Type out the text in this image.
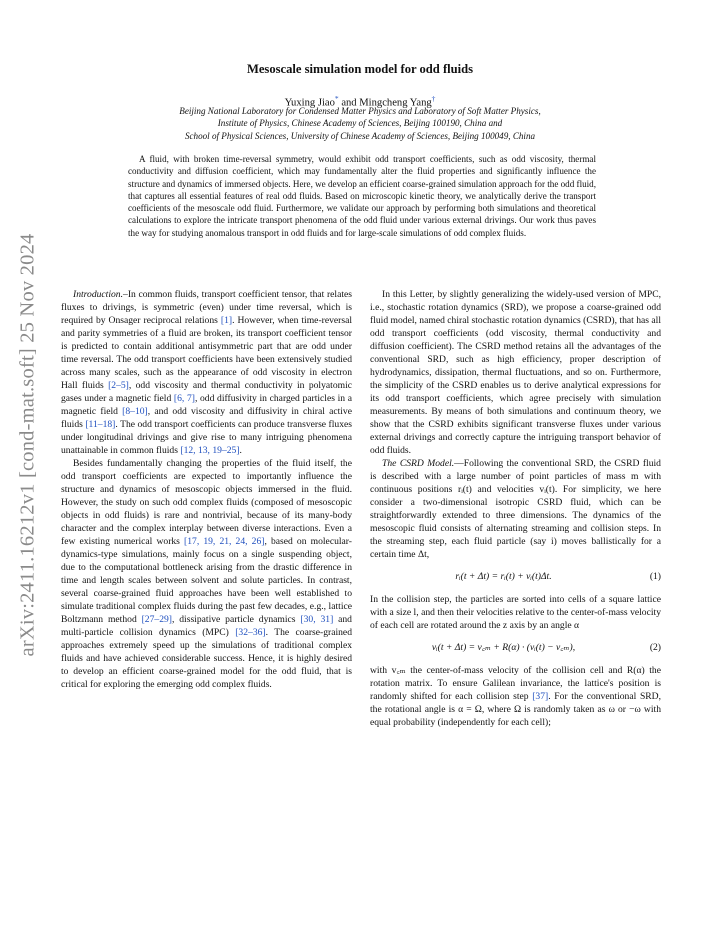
arXiv:2411.16212v1 [cond-mat.soft] 25 Nov 2024
Mesoscale simulation model for odd fluids
Yuxing Jiao* and Mingcheng Yang†
Beijing National Laboratory for Condensed Matter Physics and Laboratory of Soft Matter Physics,
Institute of Physics, Chinese Academy of Sciences, Beijing 100190, China and
School of Physical Sciences, University of Chinese Academy of Sciences, Beijing 100049, China
A fluid, with broken time-reversal symmetry, would exhibit odd transport coefficients, such as odd viscosity, thermal conductivity and diffusion coefficient, which may fundamentally alter the fluid properties and significantly influence the structure and dynamics of immersed objects. Here, we develop an efficient coarse-grained simulation approach for the odd fluid, that captures all essential features of real odd fluids. Based on microscopic kinetic theory, we analytically derive the transport coefficients of the mesoscale odd fluid. Furthermore, we validate our approach by performing both simulations and theoretical calculations to explore the intricate transport phenomena of the odd fluid under various external drivings. Our work thus paves the way for studying anomalous transport in odd fluids and for large-scale simulations of odd complex fluids.

Introduction.–In common fluids, transport coefficient tensor, that relates fluxes to drivings, is symmetric (even) under time reversal, which is required by Onsager reciprocal relations [1]. However, when time-reversal and parity symmetries of a fluid are broken, its transport coefficient tensor is predicted to contain additional antisymmetric part that are odd under time reversal. The odd transport coefficients have been extensively studied across many scales, such as the appearance of odd viscosity in electron Hall fluids [2–5], odd viscosity and thermal conductivity in polyatomic gases under a magnetic field [6, 7], odd diffusivity in charged particles in a magnetic field [8–10], and odd viscosity and diffusivity in chiral active fluids [11–18]. The odd transport coefficients can produce transverse fluxes under longitudinal drivings and give rise to many intriguing phenomena unattainable in common fluids [12, 13, 19–25].

Besides fundamentally changing the properties of the fluid itself, the odd transport coefficients are expected to importantly influence the structure and dynamics of mesoscopic objects immersed in the fluid. However, the study on such odd complex fluids (composed of mesoscopic objects in odd fluids) is rare and nontrivial, because of its many-body character and the complex interplay between diverse interactions. Even a few existing numerical works [17, 19, 21, 24, 26], based on molecular-dynamics-type simulations, mainly focus on a single suspending object, due to the computational bottleneck arising from the drastic difference in time and length scales between solvent and solute particles. In contrast, several coarse-grained fluid approaches have been well established to simulate traditional complex fluids during the past few decades, e.g., lattice Boltzmann method [27–29], dissipative particle dynamics [30, 31] and multi-particle collision dynamics (MPC) [32–36]. The coarse-grained approaches extremely speed up the simulations of traditional complex fluids and have achieved considerable success. Hence, it is highly desired to develop an efficient coarse-grained model for the odd fluid, that is critical for exploring the emerging odd complex fluids.

In this Letter, by slightly generalizing the widely-used version of MPC, i.e., stochastic rotation dynamics (SRD), we propose a coarse-grained odd fluid model, named chiral stochastic rotation dynamics (CSRD), that has all odd transport coefficients (odd viscosity, thermal conductivity and diffusion coefficient). The CSRD method retains all the advantages of the conventional SRD, such as high efficiency, proper description of hydrodynamics, dissipation, thermal fluctuations, and so on. Furthermore, the simplicity of the CSRD enables us to derive analytical expressions for its odd transport coefficients, which agree precisely with simulation measurements. By means of both simulations and continuum theory, we show that the CSRD exhibits significant transverse fluxes under various external drivings and correctly capture the intriguing transport behavior of odd fluids.

The CSRD Model.—Following the conventional SRD, the CSRD fluid is described with a large number of point particles of mass m with continuous positions rᵢ(t) and velocities vᵢ(t). For simplicity, we here consider a two-dimensional isotropic CSRD fluid, which can be straightforwardly extended to three dimensions. The dynamics of the mesoscopic fluid consists of alternating streaming and collision steps. In the streaming step, each fluid particle (say i) moves ballistically for a certain time Δt,

rᵢ(t + Δt) = rᵢ(t) + vᵢ(t)Δt.	(1)

In the collision step, the particles are sorted into cells of a square lattice with a size l, and then their velocities relative to the center-of-mass velocity of each cell are rotated around the z axis by an angle α

vᵢ(t + Δt) = v꜀ₘ + R(α) · (vᵢ(t) − v꜀ₘ),	(2)

with v꜀ₘ the center-of-mass velocity of the collision cell and R(α) the rotation matrix. To ensure Galilean invariance, the lattice's position is randomly shifted for each collision step [37]. For the conventional SRD, the rotational angle is α = Ω, where Ω is randomly taken as ω or −ω with equal probability (independently for each cell);
